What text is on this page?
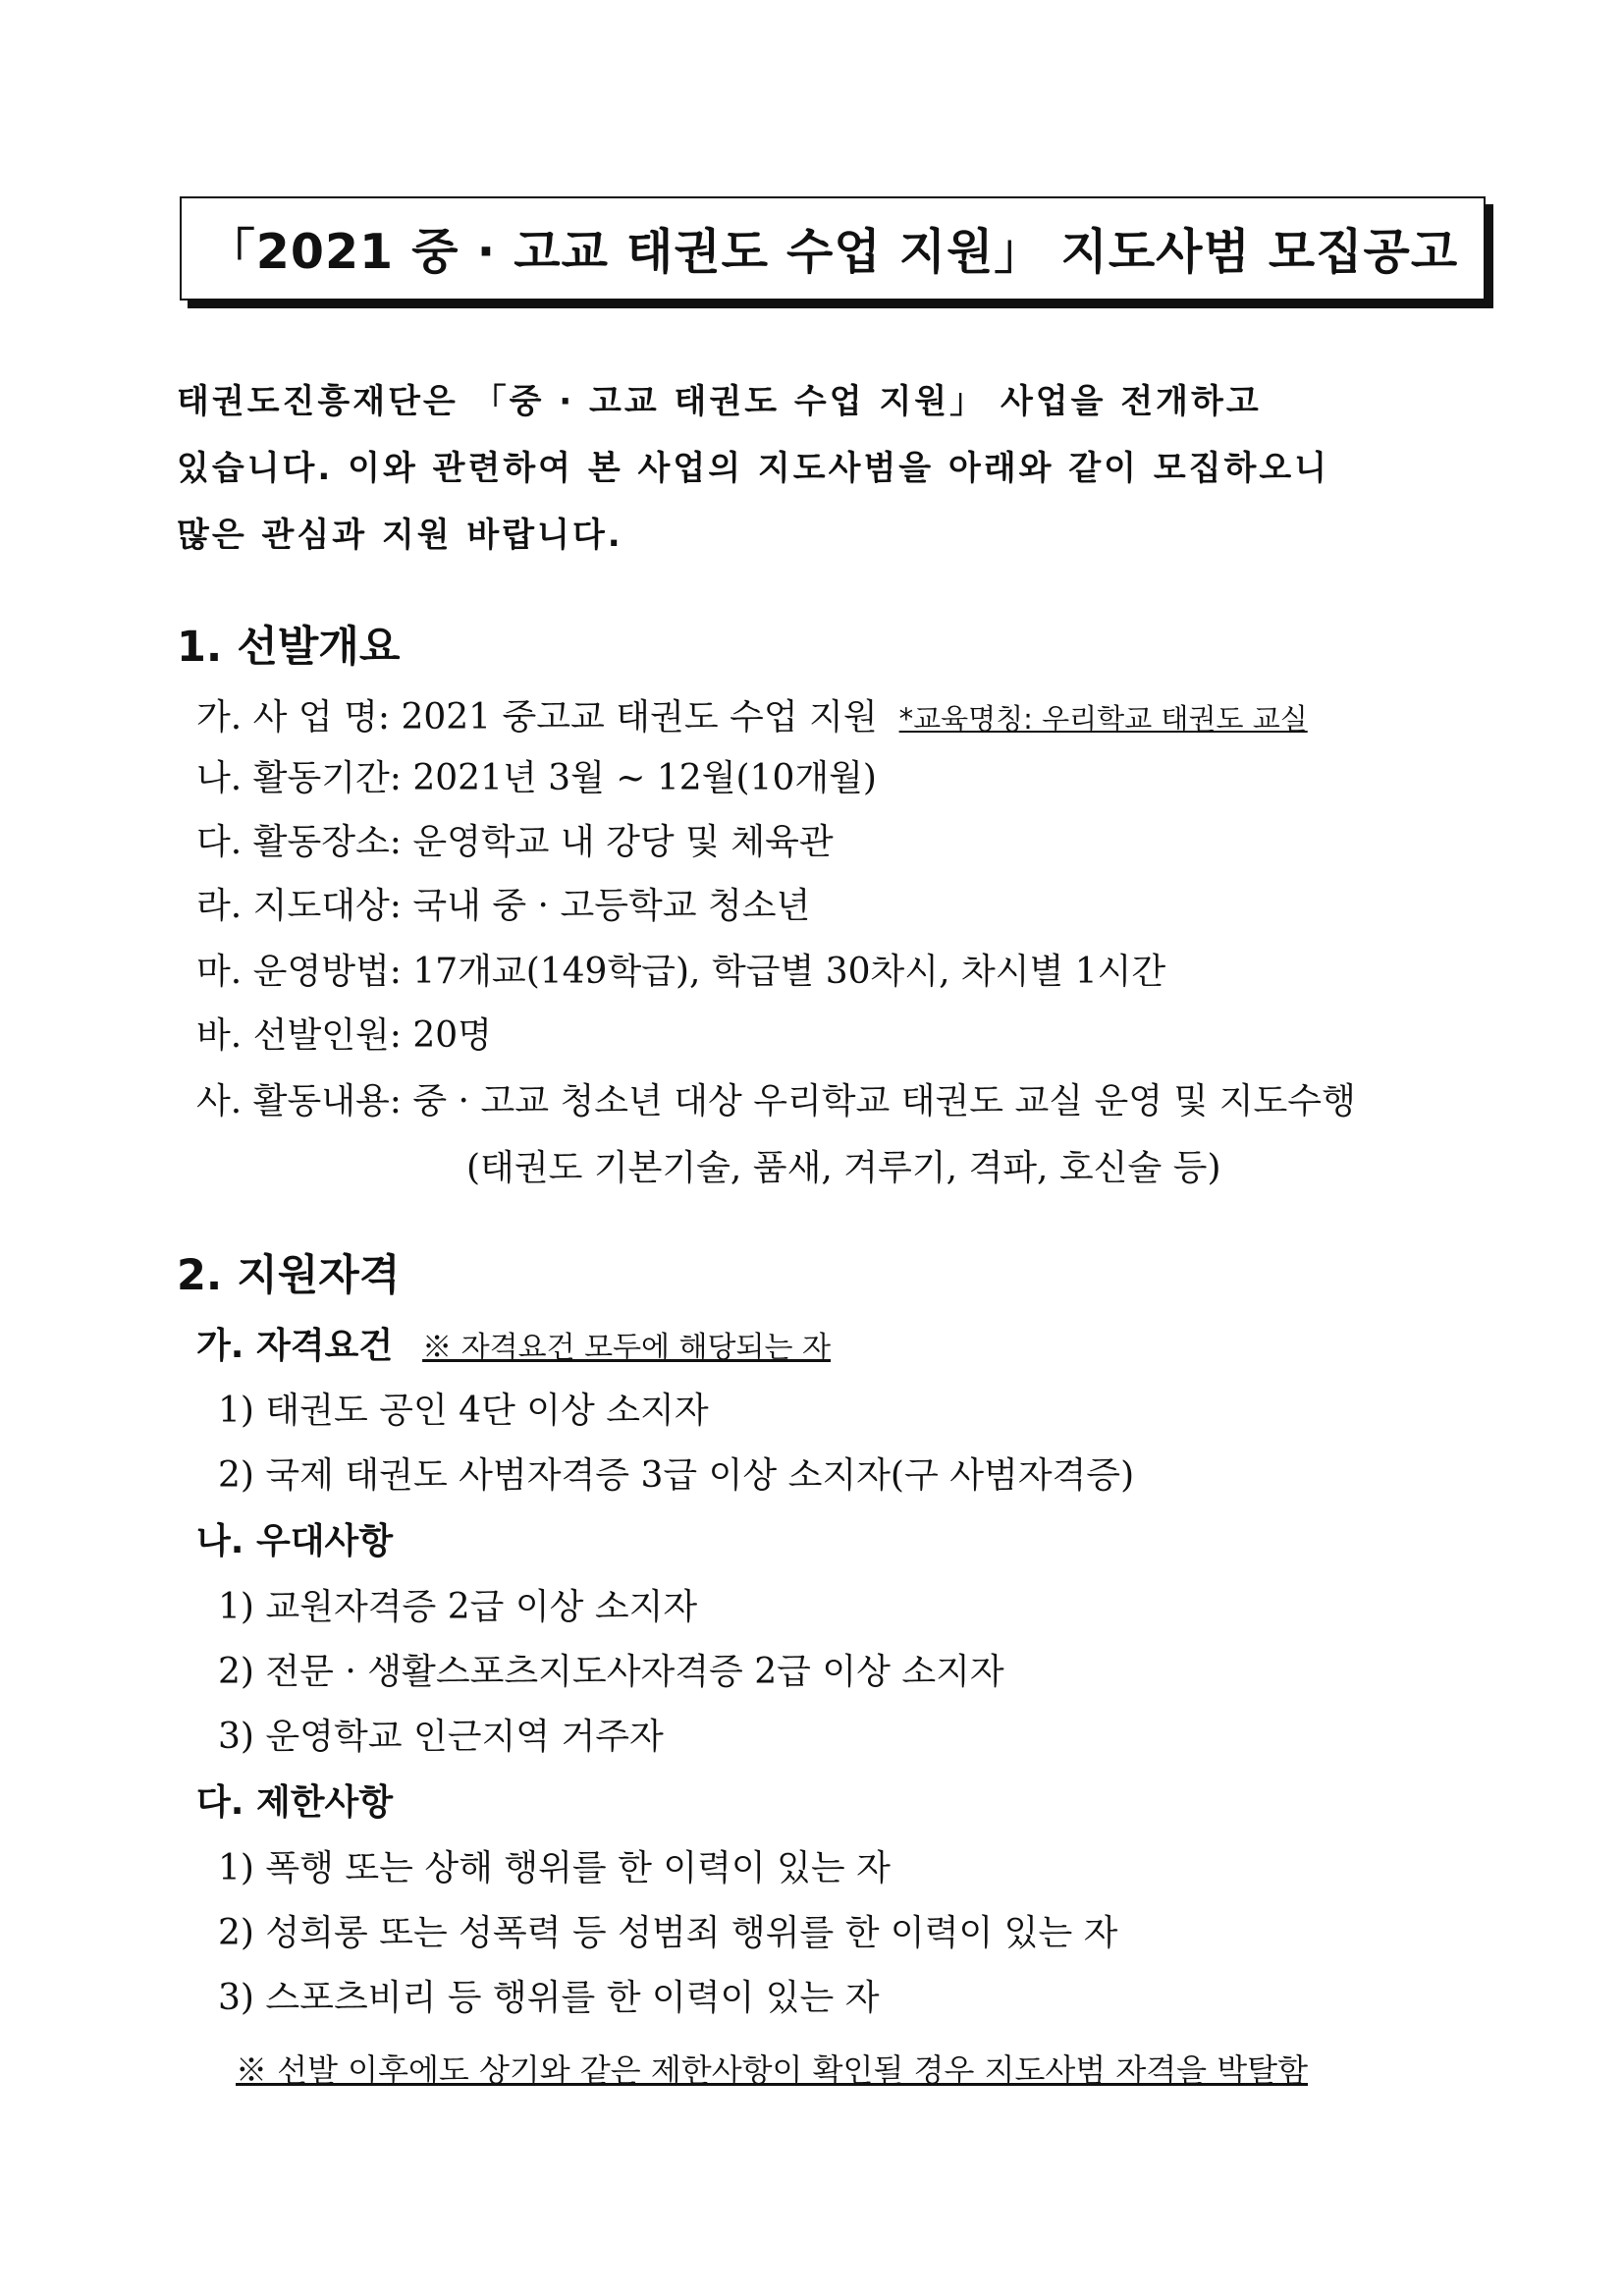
「2021 중 · 고교 태권도 수업 지원」 지도사범 모집공고
태권도진흥재단은 「중 · 고교 태권도 수업 지원」 사업을 전개하고
있습니다. 이와 관련하여 본 사업의 지도사범을 아래와 같이 모집하오니
많은 관심과 지원 바랍니다.
1. 선발개요
가. 사 업 명: 2021 중고교 태권도 수업 지원 *교육명칭: 우리학교 태권도 교실
나. 활동기간: 2021년 3월 ~ 12월(10개월)
다. 활동장소: 운영학교 내 강당 및 체육관
라. 지도대상: 국내 중 · 고등학교 청소년
마. 운영방법: 17개교(149학급), 학급별 30차시, 차시별 1시간
바. 선발인원: 20명
사. 활동내용: 중 · 고교 청소년 대상 우리학교 태권도 교실 운영 및 지도수행
(태권도 기본기술, 품새, 겨루기, 격파, 호신술 등)
2. 지원자격
가. 자격요건 ※ 자격요건 모두에 해당되는 자
1) 태권도 공인 4단 이상 소지자
2) 국제 태권도 사범자격증 3급 이상 소지자(구 사범자격증)
나. 우대사항
1) 교원자격증 2급 이상 소지자
2) 전문 · 생활스포츠지도사자격증 2급 이상 소지자
3) 운영학교 인근지역 거주자
다. 제한사항
1) 폭행 또는 상해 행위를 한 이력이 있는 자
2) 성희롱 또는 성폭력 등 성범죄 행위를 한 이력이 있는 자
3) 스포츠비리 등 행위를 한 이력이 있는 자
※ 선발 이후에도 상기와 같은 제한사항이 확인될 경우 지도사범 자격을 박탈함
